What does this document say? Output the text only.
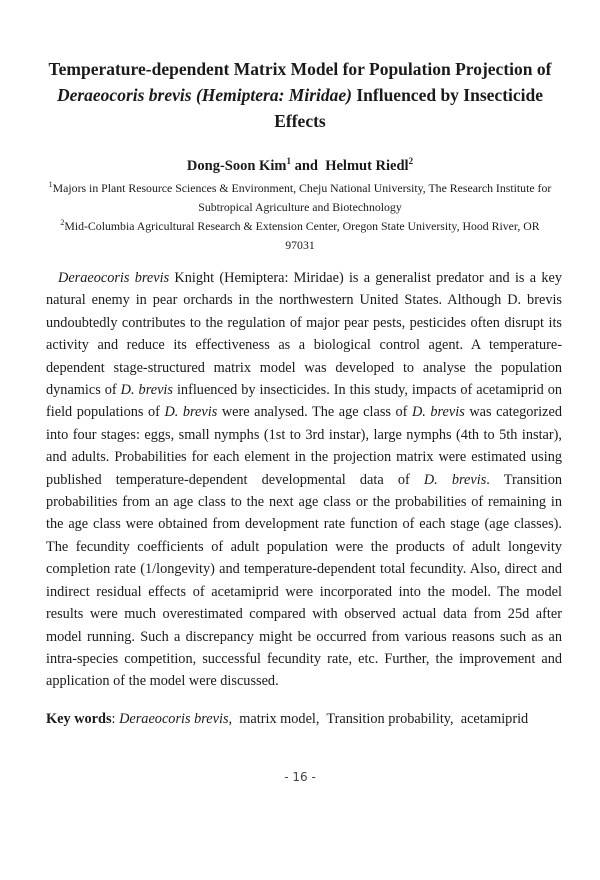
Temperature-dependent Matrix Model for Population Projection of
Deraeocoris brevis (Hemiptera: Miridae) Influenced by Insecticide
Effects
Dong-Soon Kim$^1$ and  Helmut Riedl$^2$
$^1$Majors in Plant Resource Sciences & Environment, Cheju National University, The Research Institute for Subtropical Agriculture and Biotechnology
$^2$Mid-Columbia Agricultural Research & Extension Center, Oregon State University, Hood River, OR 97031

Deraeocoris brevis Knight (Hemiptera: Miridae) is a generalist predator and is a key natural enemy in pear orchards in the northwestern United States. Although D. brevis undoubtedly contributes to the regulation of major pear pests, pesticides often disrupt its activity and reduce its effectiveness as a biological control agent. A temperature-dependent stage-structured matrix model was developed to analyse the population dynamics of D. brevis influenced by insecticides. In this study, impacts of acetamiprid on field populations of D. brevis were analysed. The age class of D. brevis was categorized into four stages: eggs, small nymphs (1st to 3rd instar), large nymphs (4th to 5th instar), and adults. Probabilities for each element in the projection matrix were estimated using published temperature-dependent developmental data of D. brevis. Transition probabilities from an age class to the next age class or the probabilities of remaining in the age class were obtained from development rate function of each stage (age classes). The fecundity coefficients of adult population were the products of adult longevity completion rate (1/longevity) and temperature-dependent total fecundity. Also, direct and indirect residual effects of acetamiprid were incorporated into the model. The model results were much overestimated compared with observed actual data from 25d after model running. Such a discrepancy might be occurred from various reasons such as an intra-species competition, successful fecundity rate, etc. Further, the improvement and application of the model were discussed.

Key words: Deraeocoris brevis,  matrix model,  Transition probability,  acetamiprid

- 16 -
